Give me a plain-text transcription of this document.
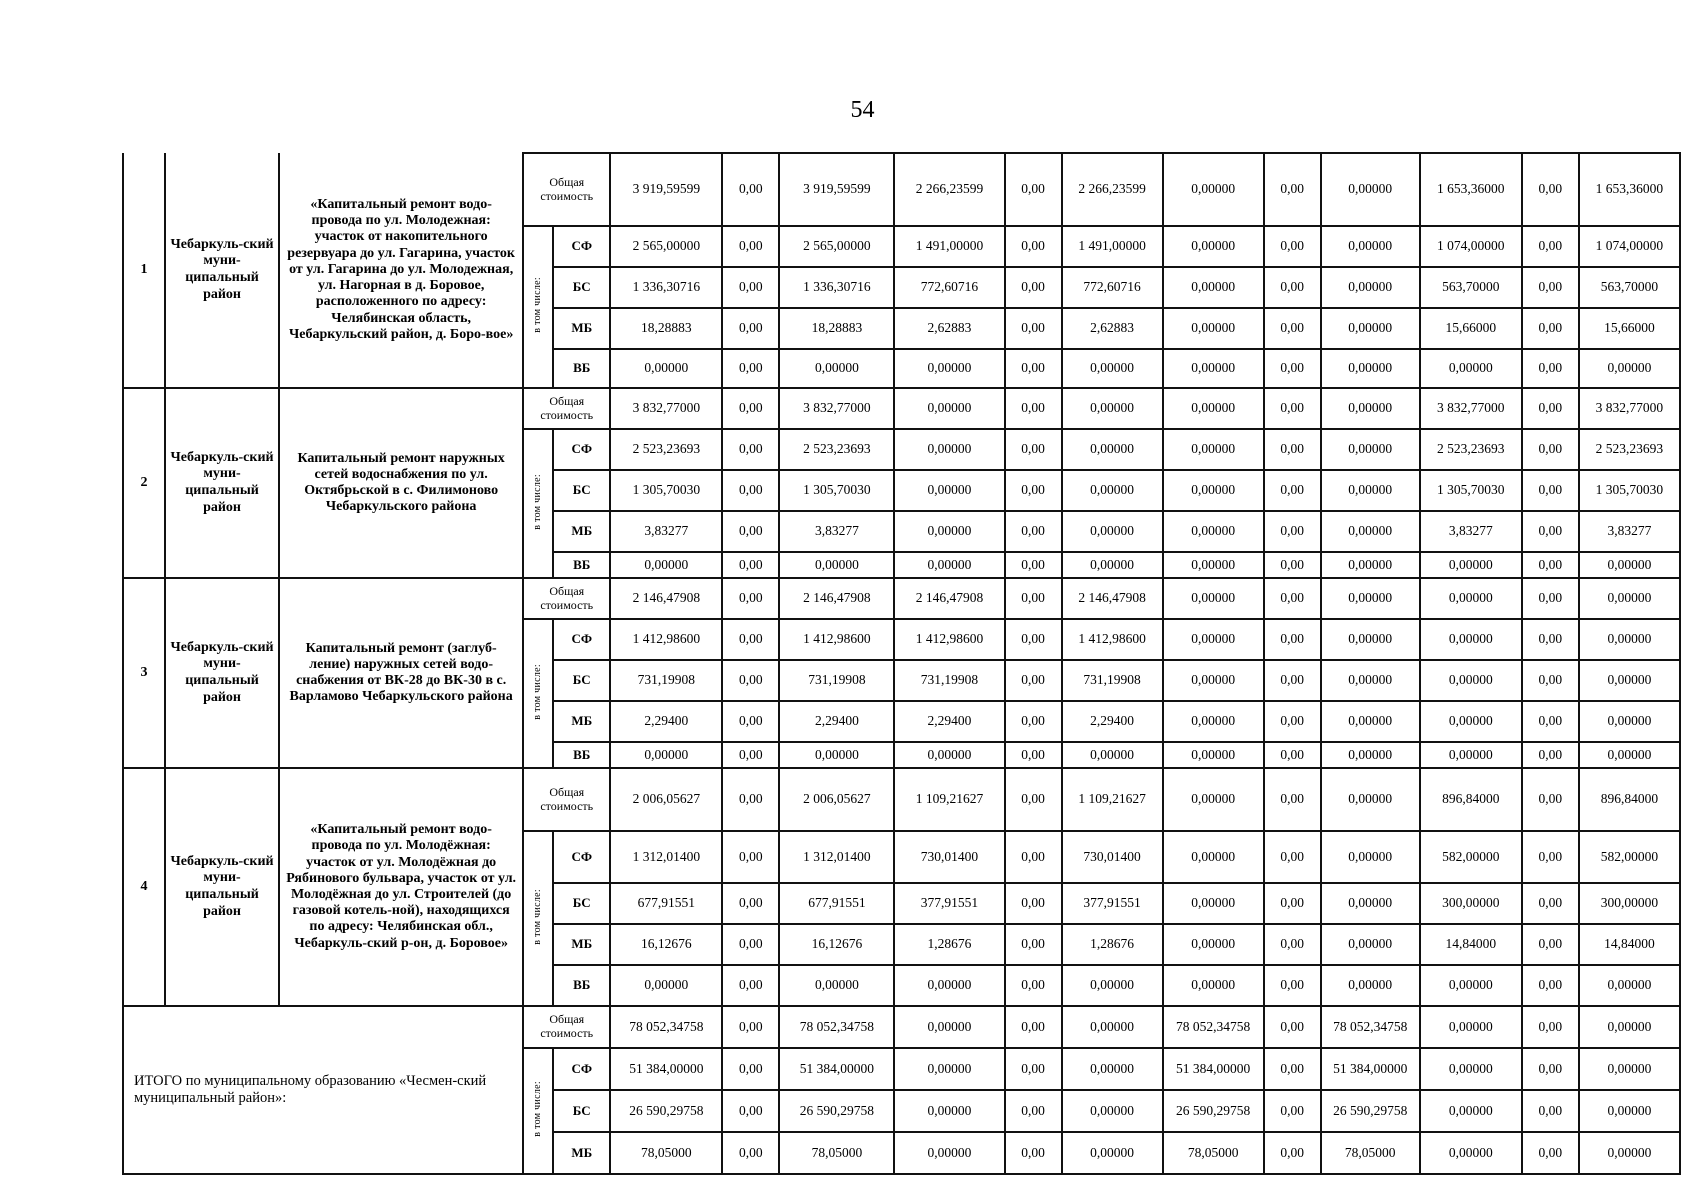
54
1	Чебаркуль-ский муни-ципальный район	«Капитальный ремонт водо-провода по ул. Молодежная: участок от накопительного резервуара до ул. Гагарина, участок от ул. Гагарина до ул. Молодежная, ул. Нагорная в д. Боровое, расположенного по адресу: Челябинская область, Чебаркульский район, д. Боро-вое»	Общая стоимость		3 919,59599	0,00	3 919,59599	2 266,23599	0,00	2 266,23599	0,00000	0,00	0,00000	1 653,36000	0,00	1 653,36000
			в том числе:	СФ	2 565,00000	0,00	2 565,00000	1 491,00000	0,00	1 491,00000	0,00000	0,00	0,00000	1 074,00000	0,00	1 074,00000
				БС	1 336,30716	0,00	1 336,30716	772,60716	0,00	772,60716	0,00000	0,00	0,00000	563,70000	0,00	563,70000
				МБ	18,28883	0,00	18,28883	2,62883	0,00	2,62883	0,00000	0,00	0,00000	15,66000	0,00	15,66000
				ВБ	0,00000	0,00	0,00000	0,00000	0,00	0,00000	0,00000	0,00	0,00000	0,00000	0,00	0,00000
2	Чебаркуль-ский муни-ципальный район	Капитальный ремонт наружных сетей водоснабжения по ул. Октябрьской в с. Филимоново Чебаркульского района	Общая стоимость		3 832,77000	0,00	3 832,77000	0,00000	0,00	0,00000	0,00000	0,00	0,00000	3 832,77000	0,00	3 832,77000
			в том числе:	СФ	2 523,23693	0,00	2 523,23693	0,00000	0,00	0,00000	0,00000	0,00	0,00000	2 523,23693	0,00	2 523,23693
				БС	1 305,70030	0,00	1 305,70030	0,00000	0,00	0,00000	0,00000	0,00	0,00000	1 305,70030	0,00	1 305,70030
				МБ	3,83277	0,00	3,83277	0,00000	0,00	0,00000	0,00000	0,00	0,00000	3,83277	0,00	3,83277
				ВБ	0,00000	0,00	0,00000	0,00000	0,00	0,00000	0,00000	0,00	0,00000	0,00000	0,00	0,00000
3	Чебаркуль-ский муни-ципальный район	Капитальный ремонт (заглуб-ление) наружных сетей водо-снабжения от ВК-28 до ВК-30 в с. Варламово Чебаркульского района	Общая стоимость		2 146,47908	0,00	2 146,47908	2 146,47908	0,00	2 146,47908	0,00000	0,00	0,00000	0,00000	0,00	0,00000
			в том числе:	СФ	1 412,98600	0,00	1 412,98600	1 412,98600	0,00	1 412,98600	0,00000	0,00	0,00000	0,00000	0,00	0,00000
				БС	731,19908	0,00	731,19908	731,19908	0,00	731,19908	0,00000	0,00	0,00000	0,00000	0,00	0,00000
				МБ	2,29400	0,00	2,29400	2,29400	0,00	2,29400	0,00000	0,00	0,00000	0,00000	0,00	0,00000
				ВБ	0,00000	0,00	0,00000	0,00000	0,00	0,00000	0,00000	0,00	0,00000	0,00000	0,00	0,00000
4	Чебаркуль-ский муни-ципальный район	«Капитальный ремонт водо-провода по ул. Молодёжная: участок от ул. Молодёжная до Рябинового бульвара, участок от ул. Молодёжная до ул. Строителей (до газовой котель-ной), находящихся по адресу: Челябинская обл., Чебаркуль-ский р-он, д. Боровое»	Общая стоимость		2 006,05627	0,00	2 006,05627	1 109,21627	0,00	1 109,21627	0,00000	0,00	0,00000	896,84000	0,00	896,84000
			в том числе:	СФ	1 312,01400	0,00	1 312,01400	730,01400	0,00	730,01400	0,00000	0,00	0,00000	582,00000	0,00	582,00000
				БС	677,91551	0,00	677,91551	377,91551	0,00	377,91551	0,00000	0,00	0,00000	300,00000	0,00	300,00000
				МБ	16,12676	0,00	16,12676	1,28676	0,00	1,28676	0,00000	0,00	0,00000	14,84000	0,00	14,84000
				ВБ	0,00000	0,00	0,00000	0,00000	0,00	0,00000	0,00000	0,00	0,00000	0,00000	0,00	0,00000
ИТОГО по муниципальному образованию «Чесмен-ский муниципальный район»:			Общая стоимость		78 052,34758	0,00	78 052,34758	0,00000	0,00	0,00000	78 052,34758	0,00	78 052,34758	0,00000	0,00	0,00000
			в том числе:	СФ	51 384,00000	0,00	51 384,00000	0,00000	0,00	0,00000	51 384,00000	0,00	51 384,00000	0,00000	0,00	0,00000
				БС	26 590,29758	0,00	26 590,29758	0,00000	0,00	0,00000	26 590,29758	0,00	26 590,29758	0,00000	0,00	0,00000
				МБ	78,05000	0,00	78,05000	0,00000	0,00	0,00000	78,05000	0,00	78,05000	0,00000	0,00	0,00000
